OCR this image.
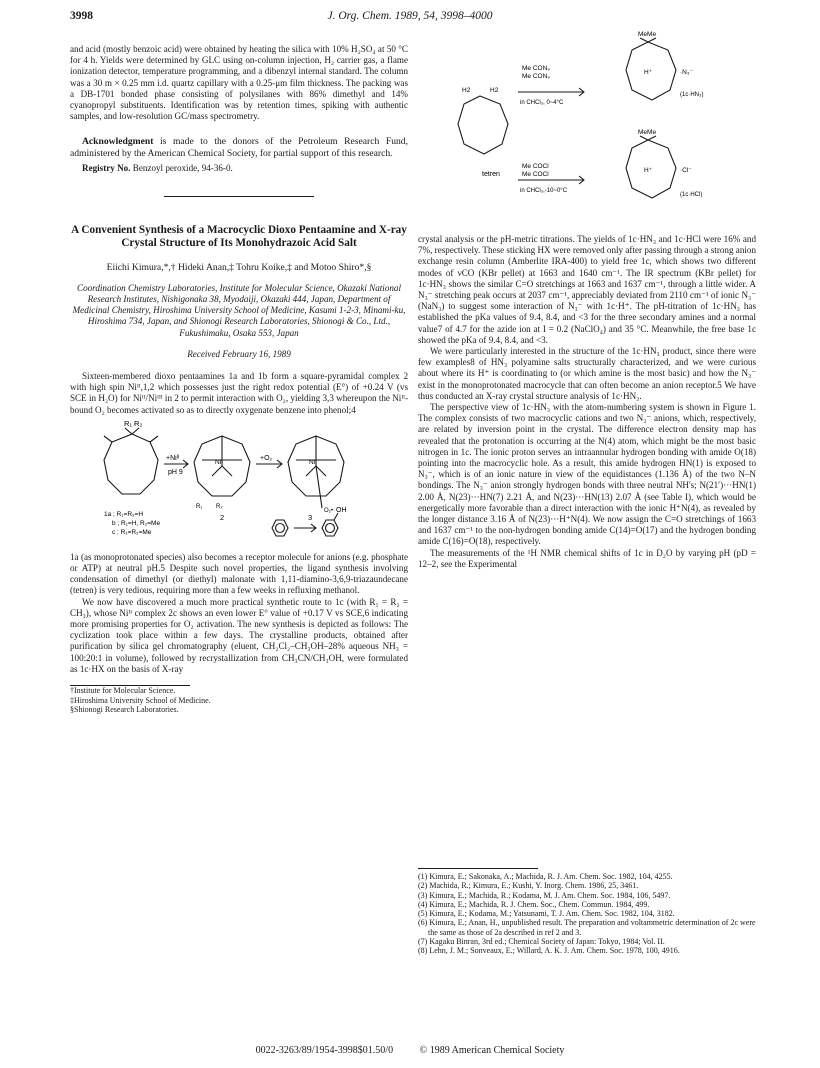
3998	J. Org. Chem. 1989, 54, 3998–4000

and acid (mostly benzoic acid) were obtained by heating the silica with 10% H₂SO₄ at 50 °C for 4 h. Yields were determined by GLC using on-column injection, H₂ carrier gas, a flame ionization detector, temperature programming, and a dibenzyl internal standard. The column was a 30 m × 0.25 mm i.d. quartz capillary with a 0.25-μm film thickness. The packing was a DB-1701 bonded phase consisting of polysilanes with 86% dimethyl and 14% cyanopropyl substituents. Identification was by retention times, spiking with authentic samples, and low-resolution GC/mass spectrometry.

Acknowledgment is made to the donors of the Petroleum Research Fund, administered by the American Chemical Society, for partial support of this research.

Registry No. Benzoyl peroxide, 94-36-0.

A Convenient Synthesis of a Macrocyclic Dioxo Pentaamine and X-ray Crystal Structure of Its Monohydrazoic Acid Salt
Eiichi Kimura,*,† Hideki Anan,‡ Tohru Koike,‡ and Motoo Shiro*,§
Coordination Chemistry Laboratories, Institute for Molecular Science, Okazaki National Research Institutes, Nishigonaka 38, Myodaiji, Okazaki 444, Japan, Department of Medicinal Chemistry, Hiroshima University School of Medicine, Kasumi 1-2-3, Minami-ku, Hiroshima 734, Japan, and Shionogi Research Laboratories, Shionogi & Co., Ltd., Fukushimaku, Osaka 553, Japan
Received February 16, 1989

Sixteen-membered dioxo pentaamines 1a and 1b form a square-pyramidal complex 2 with high spin Niᴵᴵ,1,2 which possesses just the right redox potential (E°) of +0.24 V (vs SCE in H₂O) for Niᴵᴵ/Niᴵᴵᴵ in 2 to permit interaction with O₂, yielding 3,3 whereupon the Niᴵᴵ-bound O₂ becomes activated so as to directly oxygenate benzene into phenol;4

R₁ R₂
+Niᴵᴵ
pH 9
+O₂
Ni	Ni
O₂•
R₁ R₂
2	3
OH
1a ; R₁=R₂=H
b ; R₁=H, R₂=Me
c ; R₁=R₂=Me

1a (as monoprotonated species) also becomes a receptor molecule for anions (e.g. phosphate or ATP) at neutral pH.5 Despite such novel properties, the ligand synthesis involving condensation of dimethyl (or diethyl) malonate with 1,11-diamino-3,6,9-triazaundecane (tetren) is very tedious, requiring more than a few weeks in refluxing methanol.

We now have discovered a much more practical synthetic route to 1c (with R₁ = R₂ = CH₃), whose Niᴵᴵ complex 2c shows an even lower E° value of +0.17 V vs SCE,6 indicating more promising properties for O₂ activation. The new synthesis is depicted as follows: The cyclization took place within a few days. The crystalline products, obtained after purification by silica gel chromatography (eluent, CH₂Cl₂–CH₃OH–28% aqueous NH₃ = 100:20:1 in volume), followed by recrystallization from CH₃CN/CH₃OH, were formulated as 1c·HX on the basis of X-ray

†Institute for Molecular Science.
‡Hiroshima University School of Medicine.
§Shionogi Research Laboratories.
MeMe
MeMe
H2	H2
Me CON₃
Me CON₃
in CHCl₃, 0~4°C
tetren
Me COCl
Me COCl
in CHCl₃,-10~0°C
H⁺	·N₃⁻
(1c·HN₃)
H⁺	·Cl⁻
(1c·HCl)

crystal analysis or the pH-metric titrations. The yields of 1c·HN₃ and 1c·HCl were 16% and 7%, respectively. These sticking HX were removed only after passing through a strong anion exchange resin column (Amberlite IRA-400) to yield free 1c, which shows two different modes of νCO (KBr pellet) at 1663 and 1640 cm⁻¹. The IR spectrum (KBr pellet) for 1c·HN₃ shows the similar C=O stretchings at 1663 and 1637 cm⁻¹, through a little wider. A N₃⁻ stretching peak occurs at 2037 cm⁻¹, appreciably deviated from 2110 cm⁻¹ of ionic N₃⁻ (NaN₃) to suggest some interaction of N₃⁻ with 1c·H⁺. The pH-titration of 1c·HN₃ has established the pKa values of 9.4, 8.4, and <3 for the three secondary amines and a normal value7 of 4.7 for the azide ion at I = 0.2 (NaClO₄) and 35 °C. Meanwhile, the free base 1c showed the pKa of 9.4, 8.4, and <3.

We were particularly interested in the structure of the 1c·HN₃ product, since there were few examples8 of HN₃ polyamine salts structurally characterized, and we were curious about where its H⁺ is coordinating to (or which amine is the most basic) and how the N₃⁻ exist in the monoprotonated macrocycle that can often become an anion receptor.5 We have thus conducted an X-ray crystal structure analysis of 1c·HN₃.

The perspective view of 1c·HN₃ with the atom-numbering system is shown in Figure 1. The complex consists of two macrocyclic cations and two N₃⁻ anions, which, respectively, are related by inversion point in the crystal. The difference electron density map has revealed that the protonation is occurring at the N(4) atom, which might be the most basic nitrogen in 1c. The ionic proton serves an intraannular hydrogen bonding with amide O(18) pointing into the macrocyclic hole. As a result, this amide hydrogen HN(1) is exposed to N₃⁻, which is of an ionic nature in view of the equidistances (1.136 Å) of the two N–N bondings. The N₃⁻ anion strongly hydrogen bonds with three neutral NH's; N(21′)···HN(1) 2.00 Å, N(23)···HN(7) 2.21 Å, and N(23)···HN(13) 2.07 Å (see Table I), which would be energetically more favorable than a direct interaction with the ionic H⁺N(4), as revealed by the longer distance 3.16 Å of N(23)···H⁺N(4). We now assign the C=O stretchings of 1663 and 1637 cm⁻¹ to the non-hydrogen bonding amide C(14)=O(17) and the hydrogen bonding amide C(16)=O(18), respectively.

The measurements of the ¹H NMR chemical shifts of 1c in D₂O by varying pH (pD = 12–2, see the Experimental

(1) Kimura, E.; Sakonaka, A.; Machida, R. J. Am. Chem. Soc. 1982, 104, 4255.
(2) Machida, R.; Kimura, E.; Kushi, Y. Inorg. Chem. 1986, 25, 3461.
(3) Kimura, E.; Machida, R.; Kodama, M. J. Am. Chem. Soc. 1984, 106, 5497.
(4) Kimura, E.; Machida, R. J. Chem. Soc., Chem. Commun. 1984, 499.
(5) Kimura, E.; Kodama, M.; Yatsunami, T. J. Am. Chem. Soc. 1982, 104, 3182.
(6) Kimura, E.; Anan, H., unpublished result. The preparation and voltammetric determination of 2c were the same as those of 2a described in ref 2 and 3.
(7) Kagaku Binran, 3rd ed.; Chemical Society of Japan: Tokyo, 1984; Vol. II.
(8) Lehn, J. M.; Sonveaux, E.; Willard, A. K. J. Am. Chem. Soc. 1978, 100, 4916.
0022-3263/89/1954-3998$01.50/0	© 1989 American Chemical Society
